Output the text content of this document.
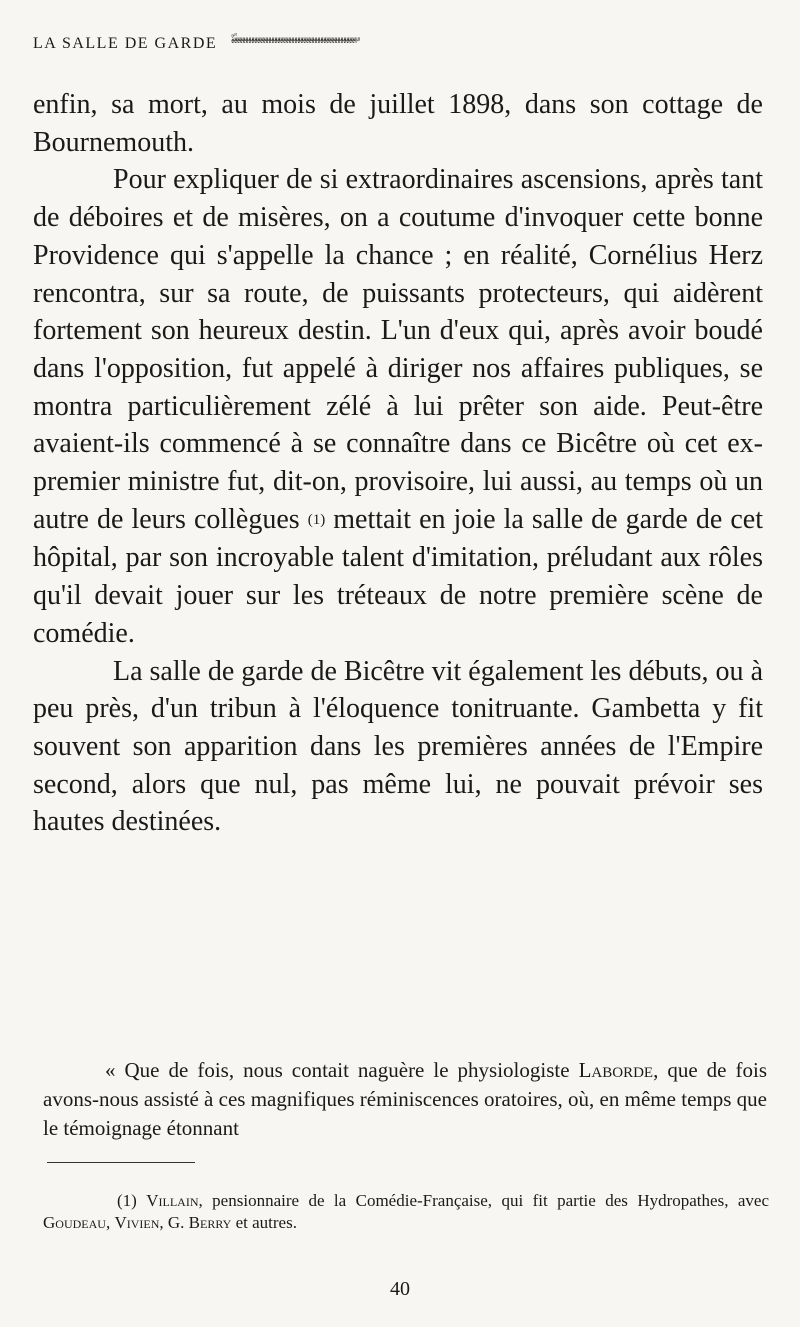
LA SALLE DE GARDE ࣔ ࣔ ࣔ ࣔ ࣔ ࣔ ࣔ ࣔ ࣔ ࣔ ࣔ ࣔ ࣔ ࣔ ࣔ ࣔ ࣔ ࣔ ࣔ ࣔ ࣔ ࣔ ࣔ ࣔ ࣔ ࣔ ࣔ ࣔ ࣔ ࣔ ࣔ ࣔ ࣔ ࣔ ࣔ ࣔ ࣔ ࣔ ࣔ ࣔ ࣔ ࣔ ࣔ ࣔ ࣔ

enfin, sa mort, au mois de juillet 1898, dans son cottage de Bournemouth.

Pour expliquer de si extraordinaires ascensions, après tant de déboires et de misères, on a coutume d'invoquer cette bonne Providence qui s'appelle la chance ; en réalité, Cornélius Herz rencontra, sur sa route, de puissants protecteurs, qui aidèrent fortement son heureux destin. L'un d'eux qui, après avoir boudé dans l'opposition, fut appelé à diriger nos affaires publiques, se montra particulièrement zélé à lui prêter son aide. Peut-être avaient-ils commencé à se connaître dans ce Bicêtre où cet ex-premier ministre fut, dit-on, provisoire, lui aussi, au temps où un autre de leurs collègues (1) mettait en joie la salle de garde de cet hôpital, par son incroyable talent d'imitation, préludant aux rôles qu'il devait jouer sur les tréteaux de notre première scène de comédie.

La salle de garde de Bicêtre vit également les débuts, ou à peu près, d'un tribun à l'éloquence tonitruante. Gambetta y fit souvent son apparition dans les premières années de l'Empire second, alors que nul, pas même lui, ne pouvait prévoir ses hautes destinées.

« Que de fois, nous contait naguère le physiologiste Laborde, que de fois avons-nous assisté à ces magnifiques réminiscences oratoires, où, en même temps que le témoignage étonnant

(1) Villain, pensionnaire de la Comédie-Française, qui fit partie des Hydropathes, avec Goudeau, Vivien, G. Berry et autres.

40
